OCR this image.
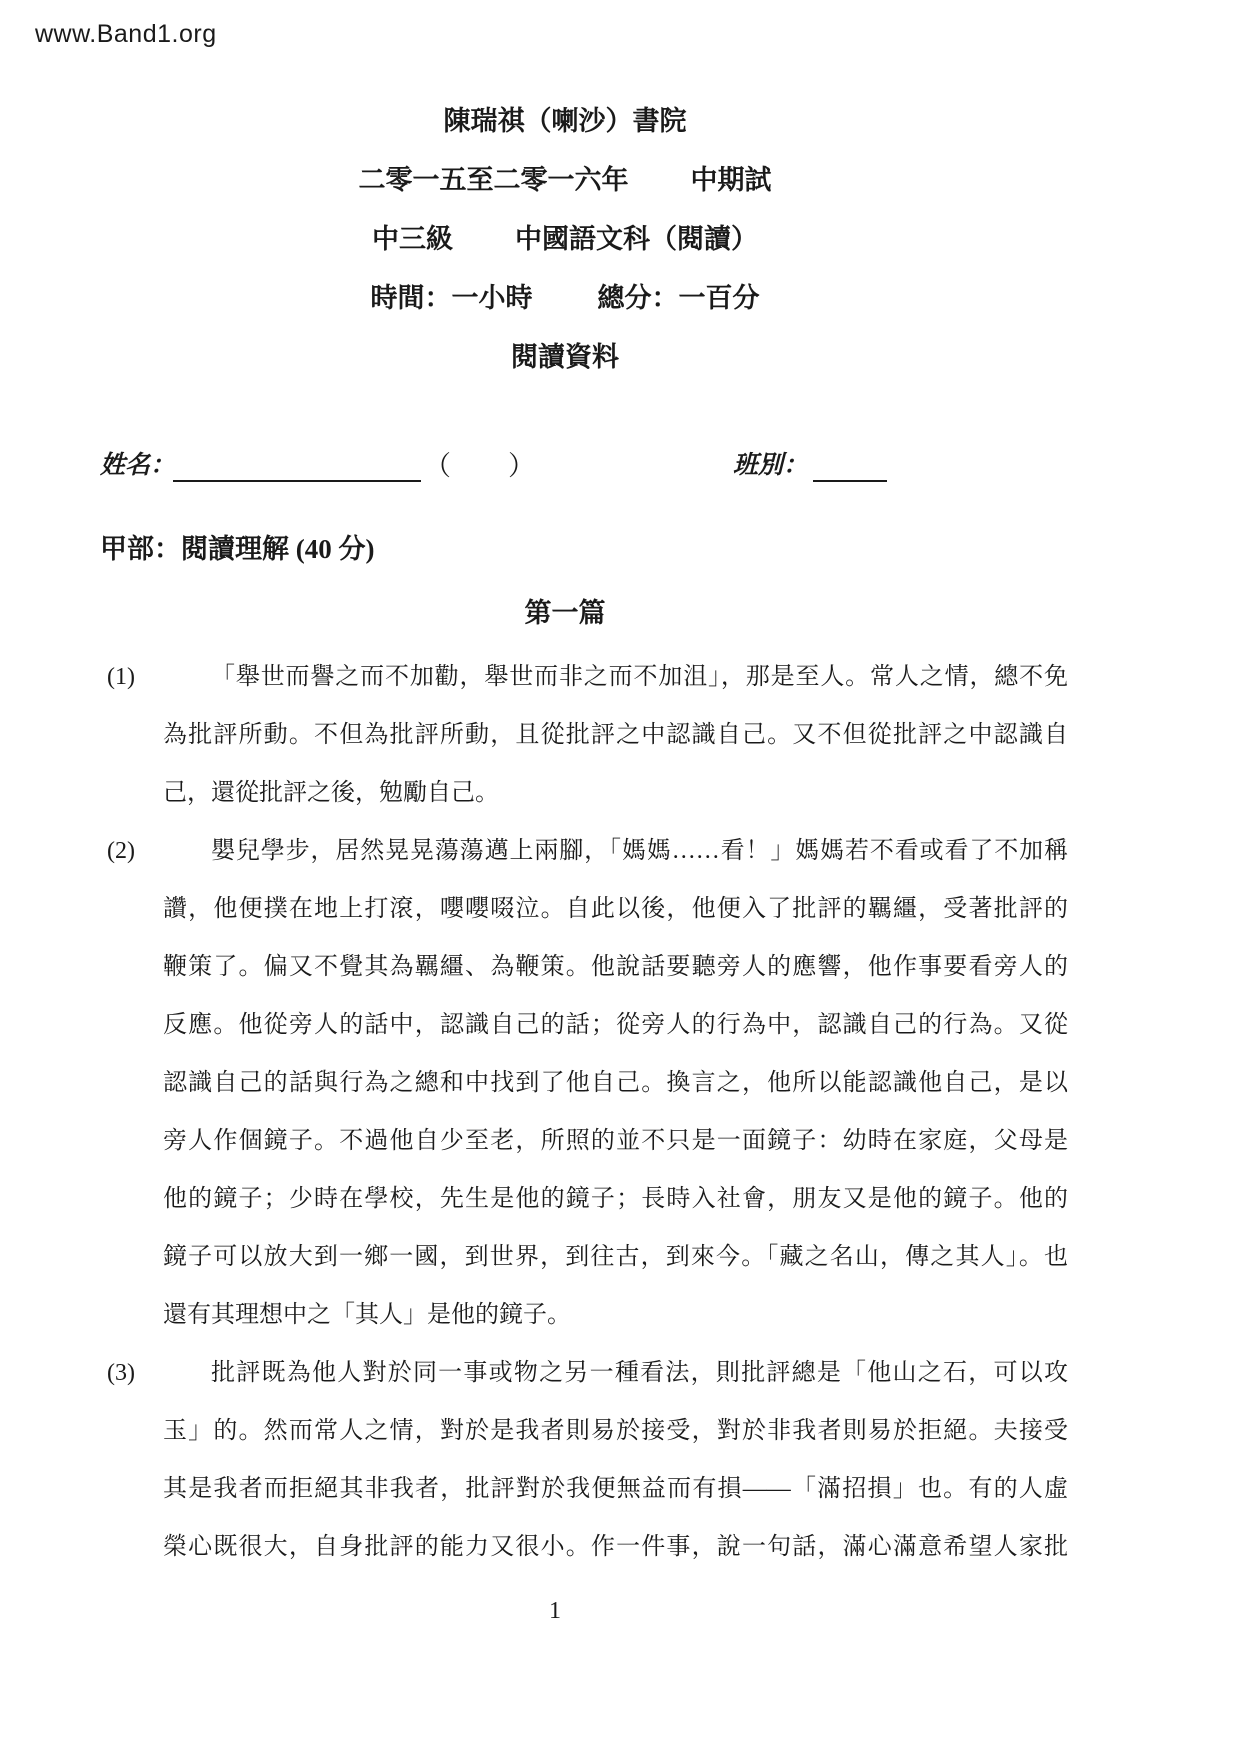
www.Band1.org
陳瑞祺（喇沙）書院
二零一五至二零一六年 中期試
中三級 中國語文科（閱讀）
時間：一小時 總分：一百分
閱讀資料
姓名：	（ ）	班別：
甲部：閱讀理解 (40 分)
第一篇
(1)	「舉世而譽之而不加勸，舉世而非之而不加沮」，那是至人。常人之情，總不免
為批評所動。不但為批評所動，且從批評之中認識自己。又不但從批評之中認識自
己，還從批評之後，勉勵自己。
(2)	嬰兒學步，居然晃晃蕩蕩邁上兩腳，「媽媽……看！」媽媽若不看或看了不加稱
讚，他便撲在地上打滾，嚶嚶啜泣。自此以後，他便入了批評的羈繮，受著批評的
鞭策了。偏又不覺其為羈繮、為鞭策。他說話要聽旁人的應響，他作事要看旁人的
反應。他從旁人的話中，認識自己的話；從旁人的行為中，認識自己的行為。又從
認識自己的話與行為之總和中找到了他自己。換言之，他所以能認識他自己，是以
旁人作個鏡子。不過他自少至老，所照的並不只是一面鏡子：幼時在家庭，父母是
他的鏡子；少時在學校，先生是他的鏡子；長時入社會，朋友又是他的鏡子。他的
鏡子可以放大到一鄉一國，到世界，到往古，到來今。「藏之名山，傳之其人」。也
還有其理想中之「其人」是他的鏡子。
(3)	批評既為他人對於同一事或物之另一種看法，則批評總是「他山之石，可以攻
玉」的。然而常人之情，對於是我者則易於接受，對於非我者則易於拒絕。夫接受
其是我者而拒絕其非我者，批評對於我便無益而有損——「滿招損」也。有的人虛
榮心既很大，自身批評的能力又很小。作一件事，說一句話，滿心滿意希望人家批
1
